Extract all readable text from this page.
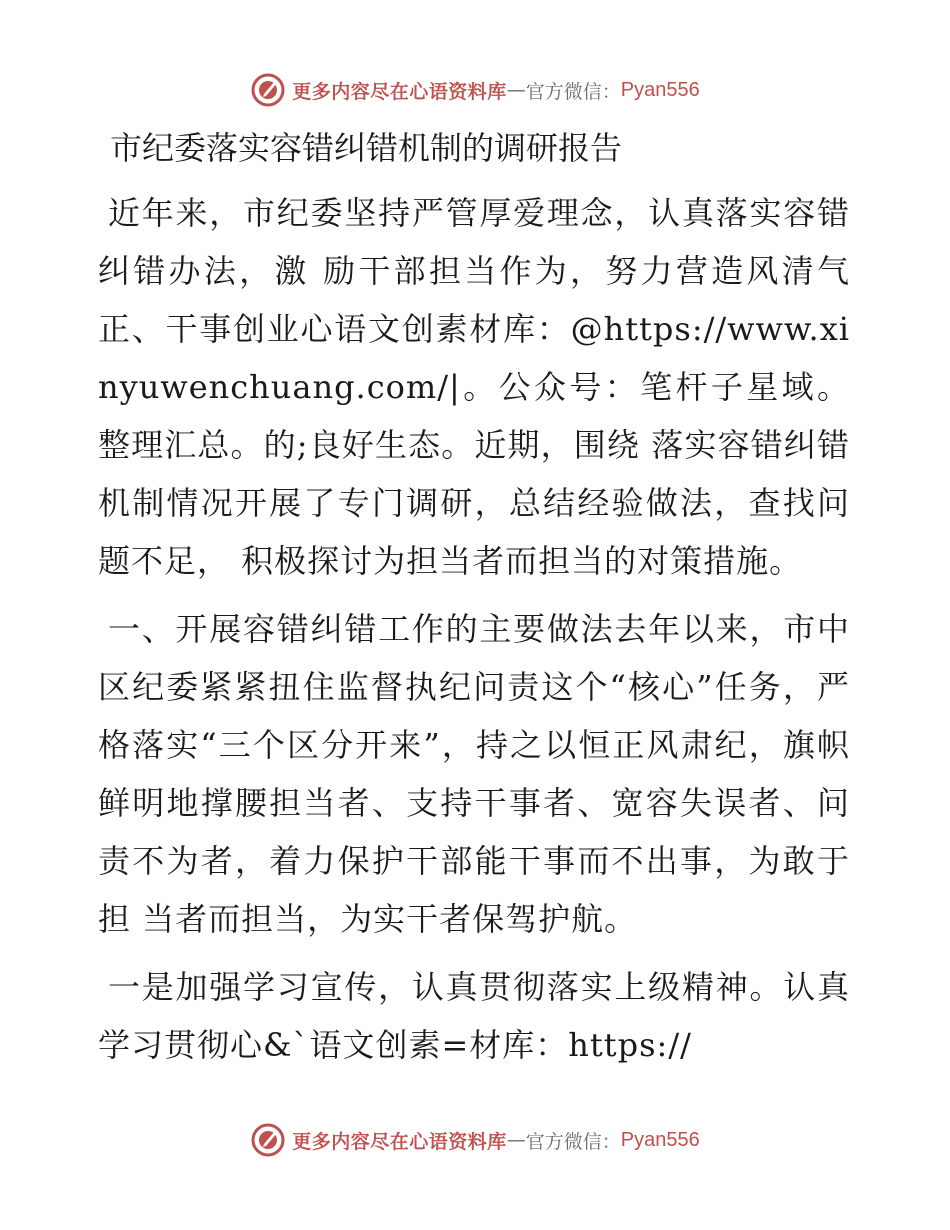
更多内容尽在心语资料库 — 官方微信： Pyan556
市纪委落实容错纠错机制的调研报告

近年来，市纪委坚持严管厚爱理念，认真落实容错纠错办法，激 励干部担当作为，努力营造风清气正、干事创业心语文创素材库：@https://www.xinyuwenchuang.com/|。公众号：笔杆子星域。整理汇总。的;良好生态。近期，围绕 落实容错纠错机制情况开展了专门调研，总结经验做法，查找问题不足， 积极探讨为担当者而担当的对策措施。

一、开展容错纠错工作的主要做法去年以来，市中区纪委紧紧扭住监督执纪问责这个“核心”任务，严格落实“三个区分开来”，持之以恒正风肃纪，旗帜鲜明地撑腰担当者、支持干事者、宽容失误者、问责不为者，着力保护干部能干事而不出事，为敢于担 当者而担当，为实干者保驾护航。

一是加强学习宣传，认真贯彻落实上级精神。认真学习贯彻心&`语文创素=材库：https://

更多内容尽在心语资料库 — 官方微信： Pyan556
